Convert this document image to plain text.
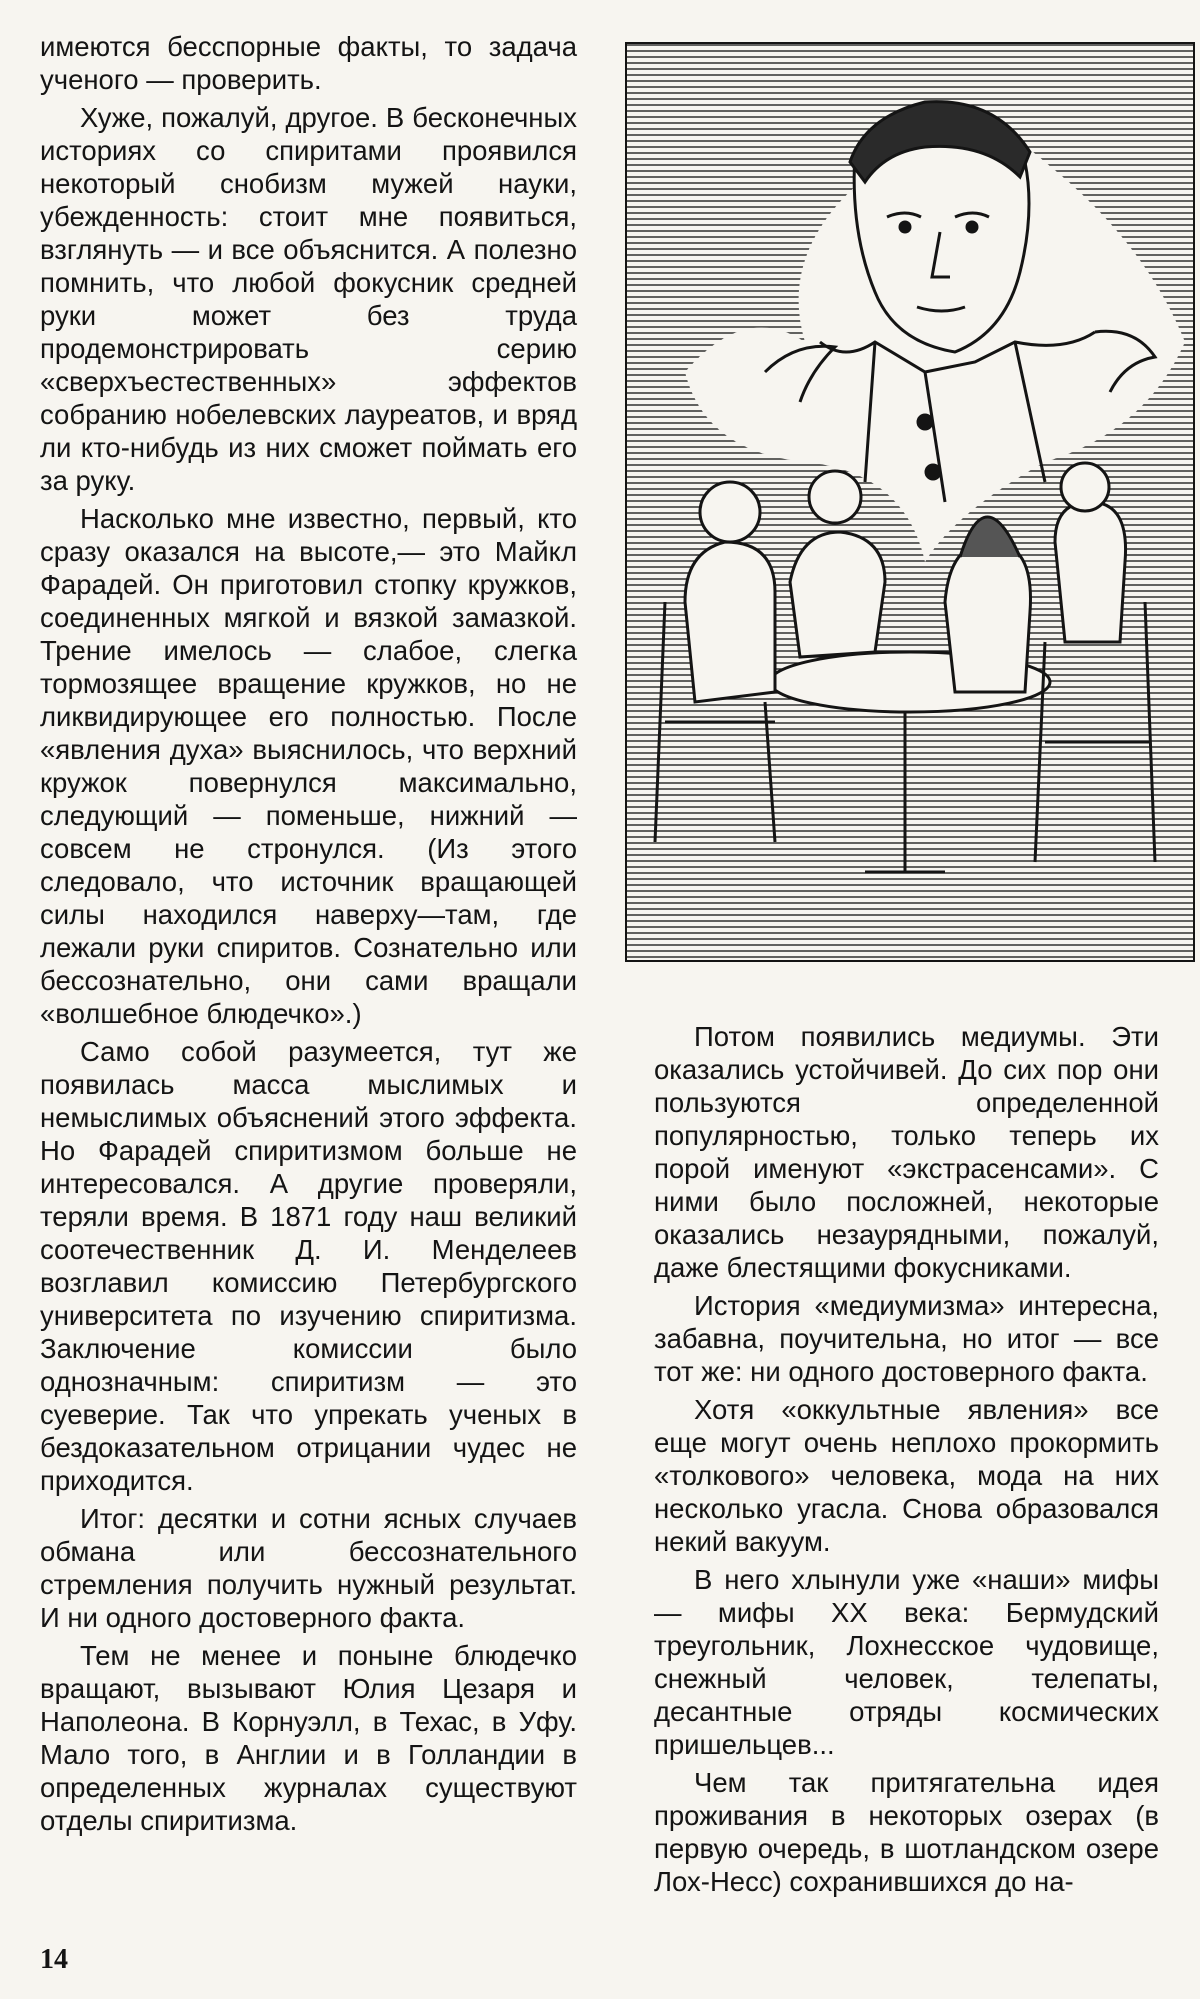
имеются бесспорные факты, то задача ученого — проверить.

Хуже, пожалуй, другое. В бесконечных историях со спиритами проявился некоторый снобизм мужей науки, убежденность: стоит мне появиться, взглянуть — и все объяснится. А полезно помнить, что любой фокусник средней руки может без труда продемонстрировать серию «сверхъестественных» эффектов собранию нобелевских лауреатов, и вряд ли кто-нибудь из них сможет поймать его за руку.

Насколько мне известно, первый, кто сразу оказался на высоте,— это Майкл Фарадей. Он приготовил стопку кружков, соединенных мягкой и вязкой замазкой. Трение имелось — слабое, слегка тормозящее вращение кружков, но не ликвидирующее его полностью. После «явления духа» выяснилось, что верхний кружок повернулся максимально, следующий — поменьше, нижний — совсем не стронулся. (Из этого следовало, что источник вращающей силы находился наверху—там, где лежали руки спиритов. Сознательно или бессознательно, они сами вращали «волшебное блюдечко».)

Само собой разумеется, тут же появилась масса мыслимых и немыслимых объяснений этого эффекта. Но Фарадей спиритизмом больше не интересовался. А другие проверяли, теряли время. В 1871 году наш великий соотечественник Д. И. Менделеев возглавил комиссию Петербургского университета по изучению спиритизма. Заключение комиссии было однозначным: спиритизм — это суеверие. Так что упрекать ученых в бездоказательном отрицании чудес не приходится.

Итог: десятки и сотни ясных случаев обмана или бессознательного стремления получить нужный результат. И ни одного достоверного факта.

Тем не менее и поныне блюдечко вращают, вызывают Юлия Цезаря и Наполеона. В Корнуэлл, в Техас, в Уфу. Мало того, в Англии и в Голландии в определенных журналах существуют отделы спиритизма.

Потом появились медиумы. Эти оказались устойчивей. До сих пор они пользуются определенной популярностью, только теперь их порой именуют «экстрасенсами». С ними было посложней, некоторые оказались незаурядными, пожалуй, даже блестящими фокусниками.

История «медиумизма» интересна, забавна, поучительна, но итог — все тот же: ни одного достоверного факта.

Хотя «оккультные явления» все еще могут очень неплохо прокормить «толкового» человека, мода на них несколько угасла. Снова образовался некий вакуум.

В него хлынули уже «наши» мифы — мифы XX века: Бермудский треугольник, Лохнесское чудовище, снежный человек, телепаты, десантные отряды космических пришельцев...

Чем так притягательна идея проживания в некоторых озерах (в первую очередь, в шотландском озере Лох-Несс) сохранившихся до на-

14
